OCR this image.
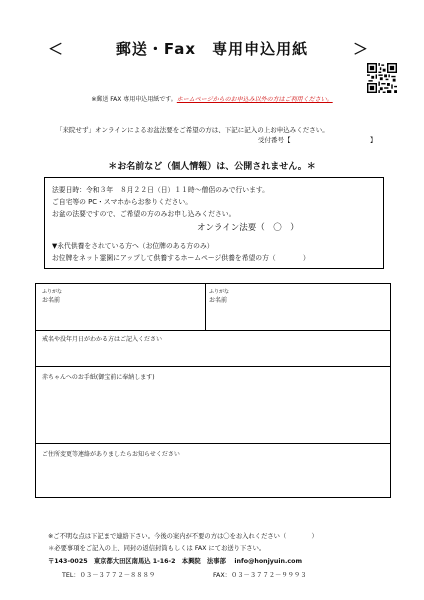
＜	郵送・Fax　専用申込用紙	＞
※郵送 FAX 専用申込用紙です。ホームページからのお申込み以外の方はご利用ください。
「来院せず」オンラインによるお盆法要をご希望の方は、下記に記入の上お申込みください。
受付番号【	】
＊お名前など（個人情報）は、公開されません。＊
法要日時：令和３年　８月２２日（日）１１時～僧侶のみで行います。
ご自宅等の PC・スマホからお参りください。
お盆の法要ですので、ご希望の方のみお申し込みください。
オンライン法要（　〇　）
▼永代供養をされている方へ（お位牌のある方のみ）
お位牌をネット霊園にアップして供養するホームページ供養を希望の方（　　　　）
ふりがな
お名前
ふりがな
お名前
戒名や没年月日がわかる方はご記入ください
赤ちゃんへのお手紙(御宝前に奉納します)
ご住所変更等連絡がありましたらお知らせください
※ご不明な点は下記まで連絡下さい。今後の案内が不要の方は〇をお入れください（　　　　）
＊必要事項をご記入の上、同封の返信封筒もしくは FAX にてお送り下さい。
〒143-0025　東京都大田区南馬込 1-16-2　本興院　法事部　 info@honjyuin.com
TEL：０３－３７７２－８８８９	FAX：０３－３７７２－９９９３
